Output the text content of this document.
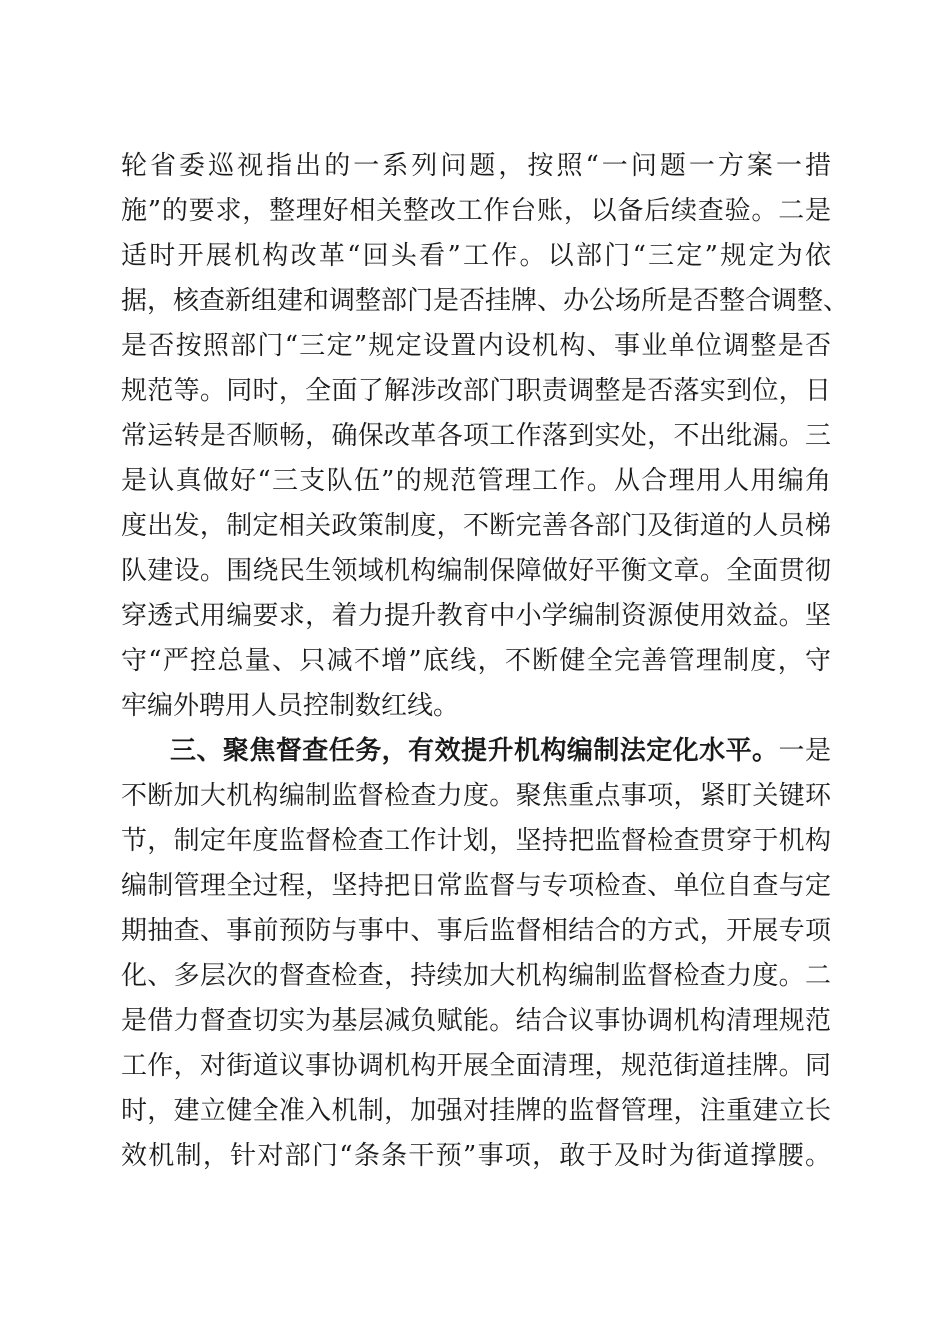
轮省委巡视指出的一系列问题，按照“一问题一方案一措
施”的要求，整理好相关整改工作台账，以备后续查验。二是
适时开展机构改革“回头看”工作。以部门“三定”规定为依
据，核查新组建和调整部门是否挂牌、办公场所是否整合调整、
是否按照部门“三定”规定设置内设机构、事业单位调整是否
规范等。同时，全面了解涉改部门职责调整是否落实到位，日
常运转是否顺畅，确保改革各项工作落到实处，不出纰漏。三
是认真做好“三支队伍”的规范管理工作。从合理用人用编角
度出发，制定相关政策制度，不断完善各部门及街道的人员梯
队建设。围绕民生领域机构编制保障做好平衡文章。全面贯彻
穿透式用编要求，着力提升教育中小学编制资源使用效益。坚
守“严控总量、只减不增”底线，不断健全完善管理制度，守
牢编外聘用人员控制数红线。
三、聚焦督查任务，有效提升机构编制法定化水平。一是
不断加大机构编制监督检查力度。聚焦重点事项，紧盯关键环
节，制定年度监督检查工作计划，坚持把监督检查贯穿于机构
编制管理全过程，坚持把日常监督与专项检查、单位自查与定
期抽查、事前预防与事中、事后监督相结合的方式，开展专项
化、多层次的督查检查，持续加大机构编制监督检查力度。二
是借力督查切实为基层减负赋能。结合议事协调机构清理规范
工作，对街道议事协调机构开展全面清理，规范街道挂牌。同
时，建立健全准入机制，加强对挂牌的监督管理，注重建立长
效机制，针对部门“条条干预”事项，敢于及时为街道撑腰。
